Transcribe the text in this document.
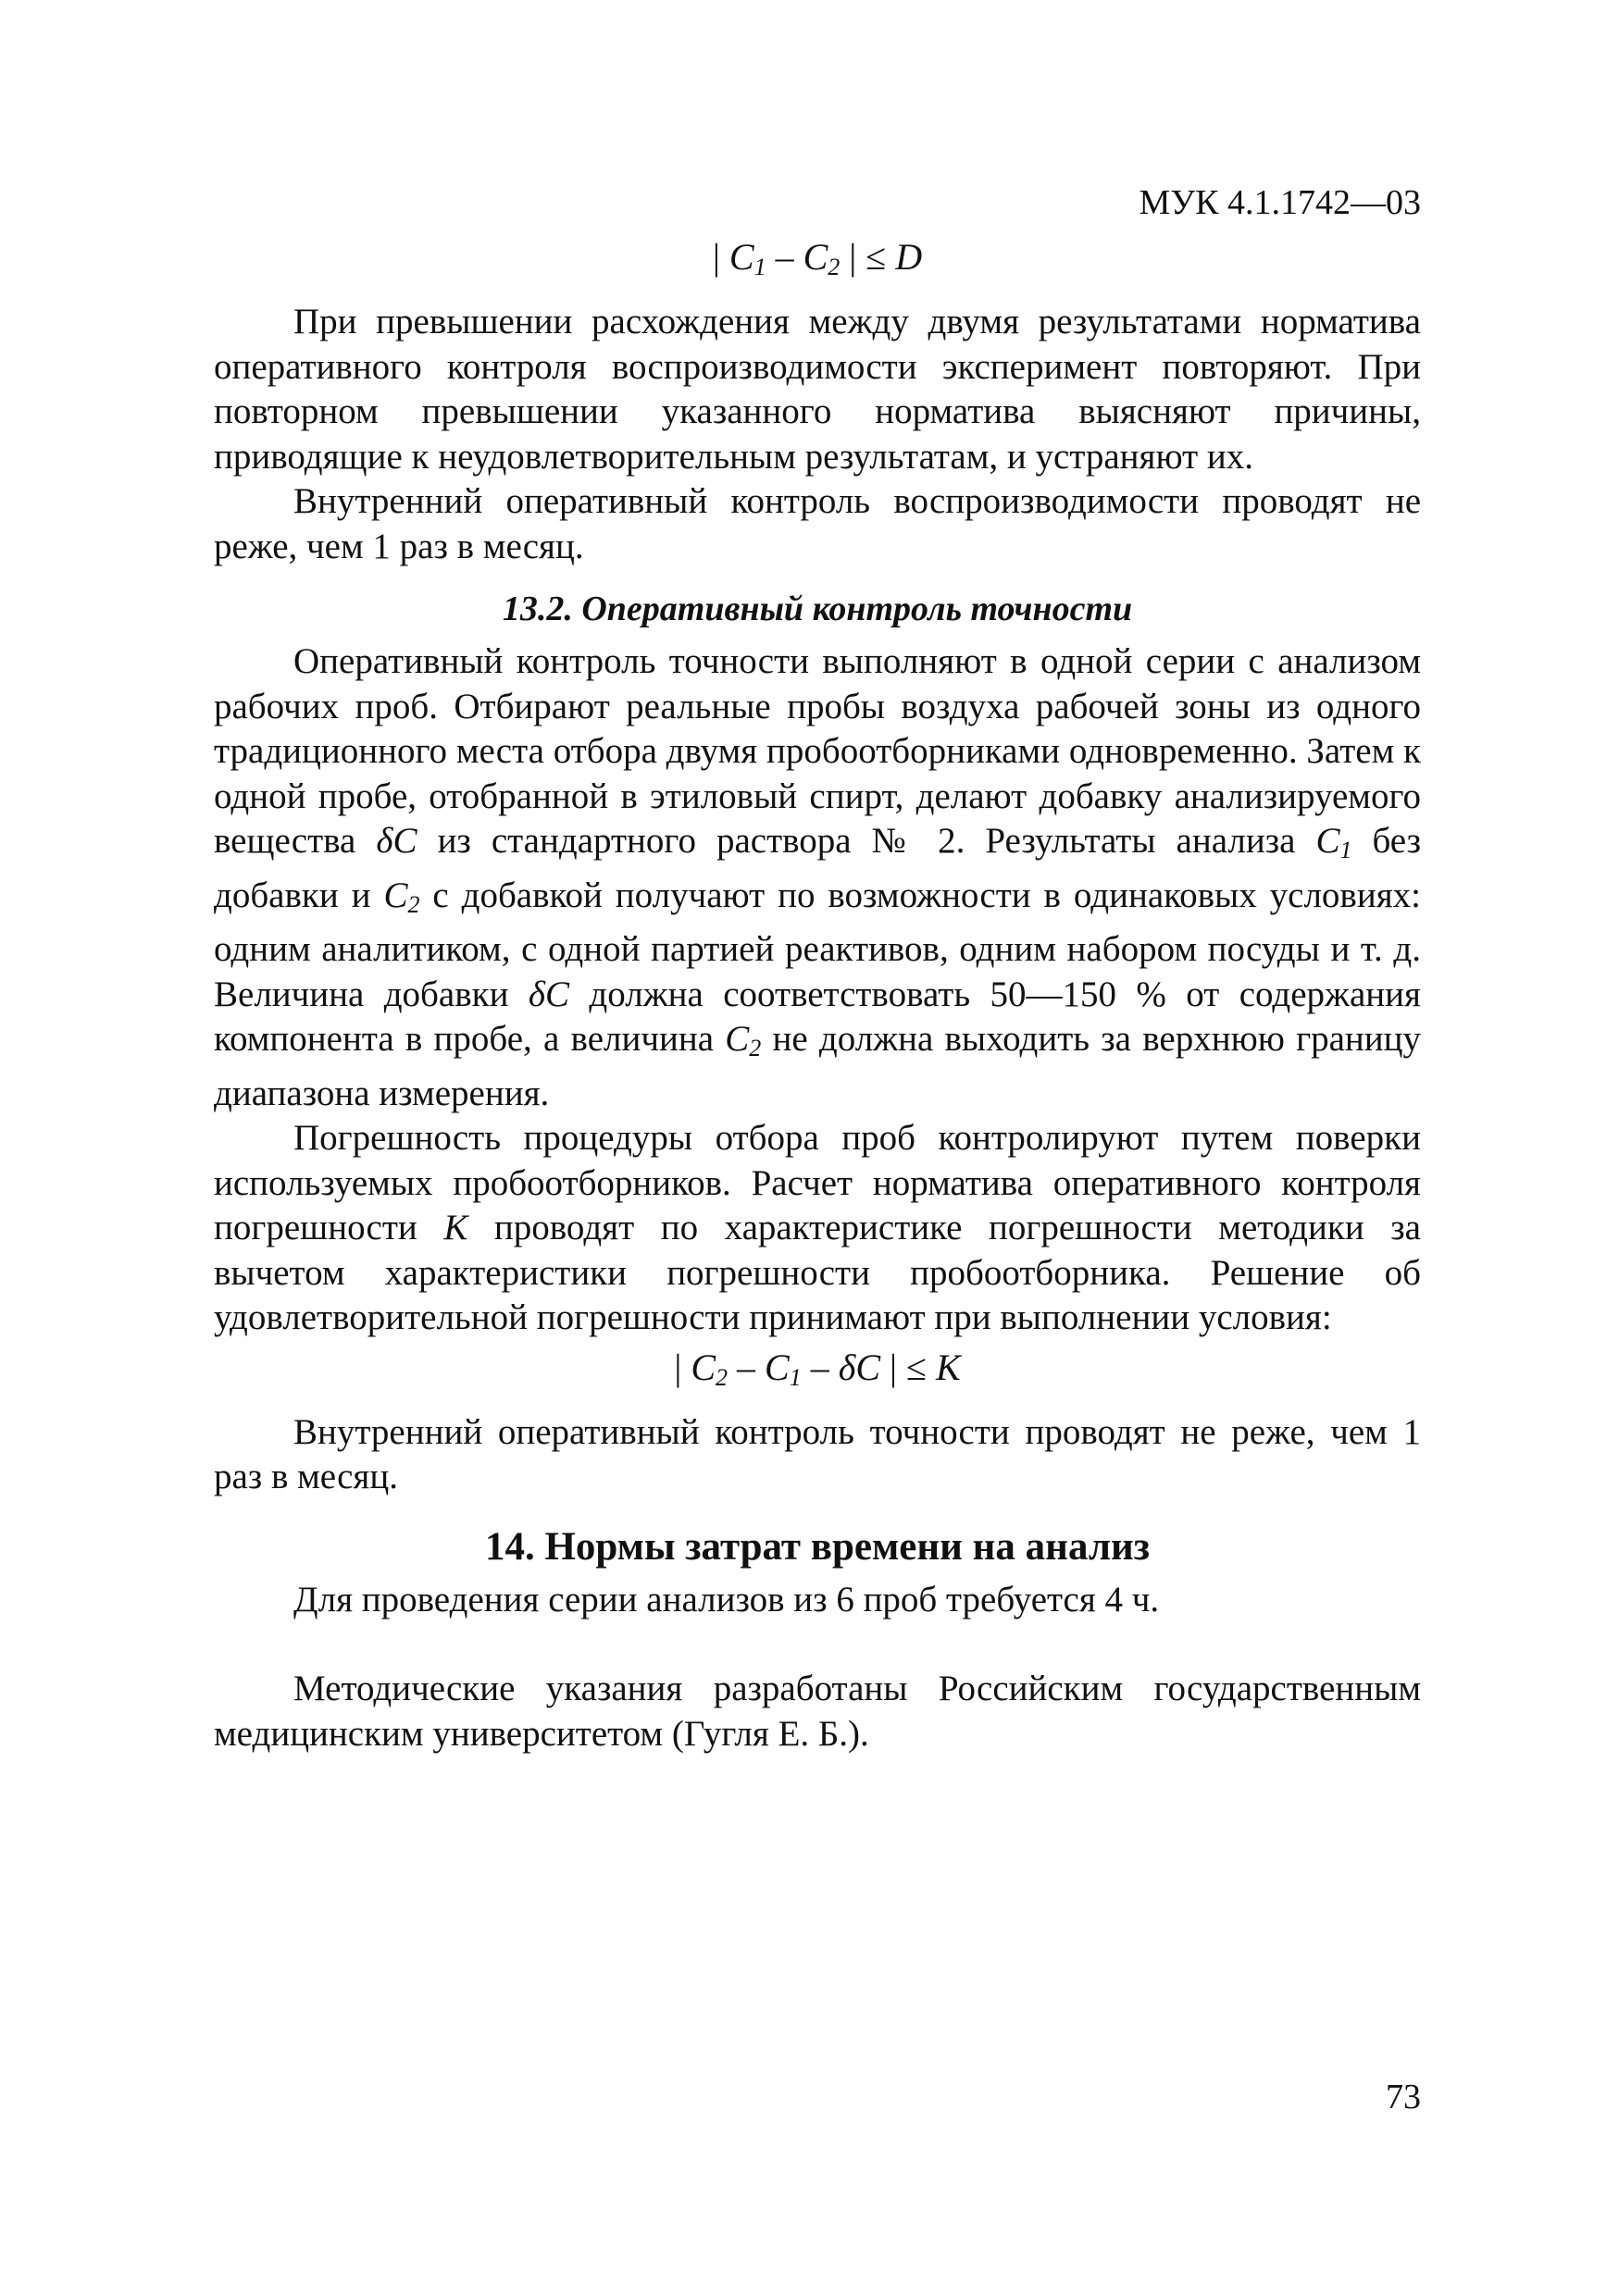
МУК 4.1.1742—03
| $C_1 - C_2$ | ≤ D

При превышении расхождения между двумя результатами норматива оперативного контроля воспроизводимости эксперимент повторяют. При повторном превышении указанного норматива выясняют причины, приводящие к неудовлетворительным результатам, и устраняют их.

Внутренний оперативный контроль воспроизводимости проводят не реже, чем 1 раз в месяц.

13.2. Оперативный контроль точности

Оперативный контроль точности выполняют в одной серии с анализом рабочих проб. Отбирают реальные пробы воздуха рабочей зоны из одного традиционного места отбора двумя пробоотборниками одновременно. Затем к одной пробе, отобранной в этиловый спирт, делают добавку анализируемого вещества δC из стандартного раствора № 2. Результаты анализа $C_1$ без добавки и $C_2$ с добавкой получают по возможности в одинаковых условиях: одним аналитиком, с одной партией реактивов, одним набором посуды и т. д. Величина добавки δC должна соответствовать 50—150 % от содержания компонента в пробе, а величина $C_2$ не должна выходить за верхнюю границу диапазона измерения.

Погрешность процедуры отбора проб контролируют путем поверки используемых пробоотборников. Расчет норматива оперативного контроля погрешности K проводят по характеристике погрешности методики за вычетом характеристики погрешности пробоотборника. Решение об удовлетворительной погрешности принимают при выполнении условия:

| $C_2 - C_1$ – δC | ≤ K

Внутренний оперативный контроль точности проводят не реже, чем 1 раз в месяц.

14. Нормы затрат времени на анализ

Для проведения серии анализов из 6 проб требуется 4 ч.

Методические указания разработаны Российским государственным медицинским университетом (Гугля Е. Б.).

73
